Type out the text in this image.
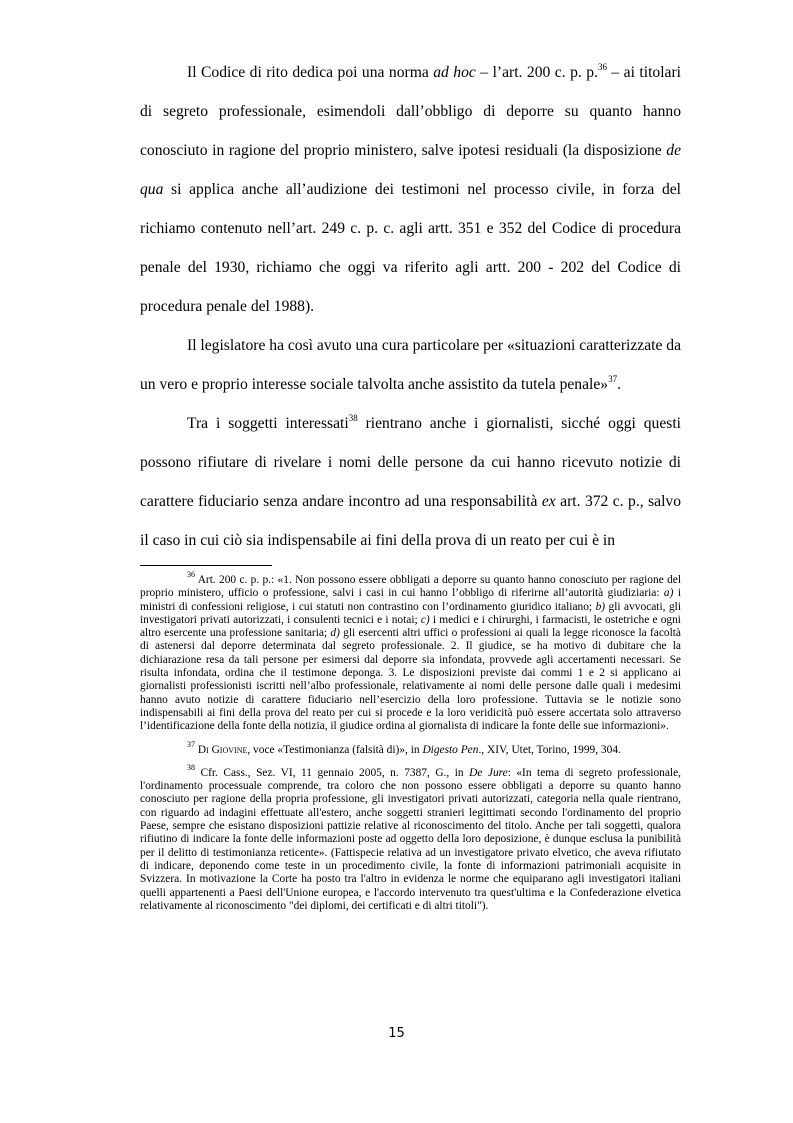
Il Codice di rito dedica poi una norma ad hoc – l’art. 200 c. p. p.$^{36}$ – ai titolari di segreto professionale, esimendoli dall’obbligo di deporre su quanto hanno conosciuto in ragione del proprio ministero, salve ipotesi residuali (la disposizione de qua si applica anche all’audizione dei testimoni nel processo civile, in forza del richiamo contenuto nell’art. 249 c. p. c. agli artt. 351 e 352 del Codice di procedura penale del 1930, richiamo che oggi va riferito agli artt. 200 - 202 del Codice di procedura penale del 1988).

Il legislatore ha così avuto una cura particolare per «situazioni caratterizzate da un vero e proprio interesse sociale talvolta anche assistito da tutela penale»$^{37}$.

Tra i soggetti interessati$^{38}$ rientrano anche i giornalisti, sicché oggi questi possono rifiutare di rivelare i nomi delle persone da cui hanno ricevuto notizie di carattere fiduciario senza andare incontro ad una responsabilità ex art. 372 c. p., salvo il caso in cui ciò sia indispensabile ai fini della prova di un reato per cui è in

$^{36}$ Art. 200 c. p. p.: «1. Non possono essere obbligati a deporre su quanto hanno conosciuto per ragione del proprio ministero, ufficio o professione, salvi i casi in cui hanno l’obbligo di riferirne all’autorità giudiziaria: a) i ministri di confessioni religiose, i cui statuti non contrastino con l’ordinamento giuridico italiano; b) gli avvocati, gli investigatori privati autorizzati, i consulenti tecnici e i notai; c) i medici e i chirurghi, i farmacisti, le ostetriche e ogni altro esercente una professione sanitaria; d) gli esercenti altri uffici o professioni ai quali la legge riconosce la facoltà di astenersi dal deporre determinata dal segreto professionale. 2. Il giudice, se ha motivo di dubitare che la dichiarazione resa da tali persone per esimersi dal deporre sia infondata, provvede agli accertamenti necessari. Se risulta infondata, ordina che il testimone deponga. 3. Le disposizioni previste dai commi 1 e 2 si applicano ai giornalisti professionisti iscritti nell’albo professionale, relativamente ai nomi delle persone dalle quali i medesimi hanno avuto notizie di carattere fiduciario nell’esercizio della loro professione. Tuttavia se le notizie sono indispensabili ai fini della prova del reato per cui si procede e la loro veridicità può essere accertata solo attraverso l’identificazione della fonte della notizia, il giudice ordina al giornalista di indicare la fonte delle sue informazioni».

$^{37}$ Di Giovine, voce «Testimonianza (falsità di)», in Digesto Pen., XIV, Utet, Torino, 1999, 304.

$^{38}$ Cfr. Cass., Sez. VI, 11 gennaio 2005, n. 7387, G., in De Jure: «In tema di segreto professionale, l'ordinamento processuale comprende, tra coloro che non possono essere obbligati a deporre su quanto hanno conosciuto per ragione della propria professione, gli investigatori privati autorizzati, categoria nella quale rientrano, con riguardo ad indagini effettuate all'estero, anche soggetti stranieri legittimati secondo l'ordinamento del proprio Paese, sempre che esistano disposizioni pattizie relative al riconoscimento del titolo. Anche per tali soggetti, qualora rifiutino di indicare la fonte delle informazioni poste ad oggetto della loro deposizione, è dunque esclusa la punibilità per il delitto di testimonianza reticente». (Fattispecie relativa ad un investigatore privato elvetico, che aveva rifiutato di indicare, deponendo come teste in un procedimento civile, la fonte di informazioni patrimoniali acquisite in Svizzera. In motivazione la Corte ha posto tra l'altro in evidenza le norme che equiparano agli investigatori italiani quelli appartenenti a Paesi dell'Unione europea, e l'accordo intervenuto tra quest'ultima e la Confederazione elvetica relativamente al riconoscimento "dei diplomi, dei certificati e di altri titoli").

15
